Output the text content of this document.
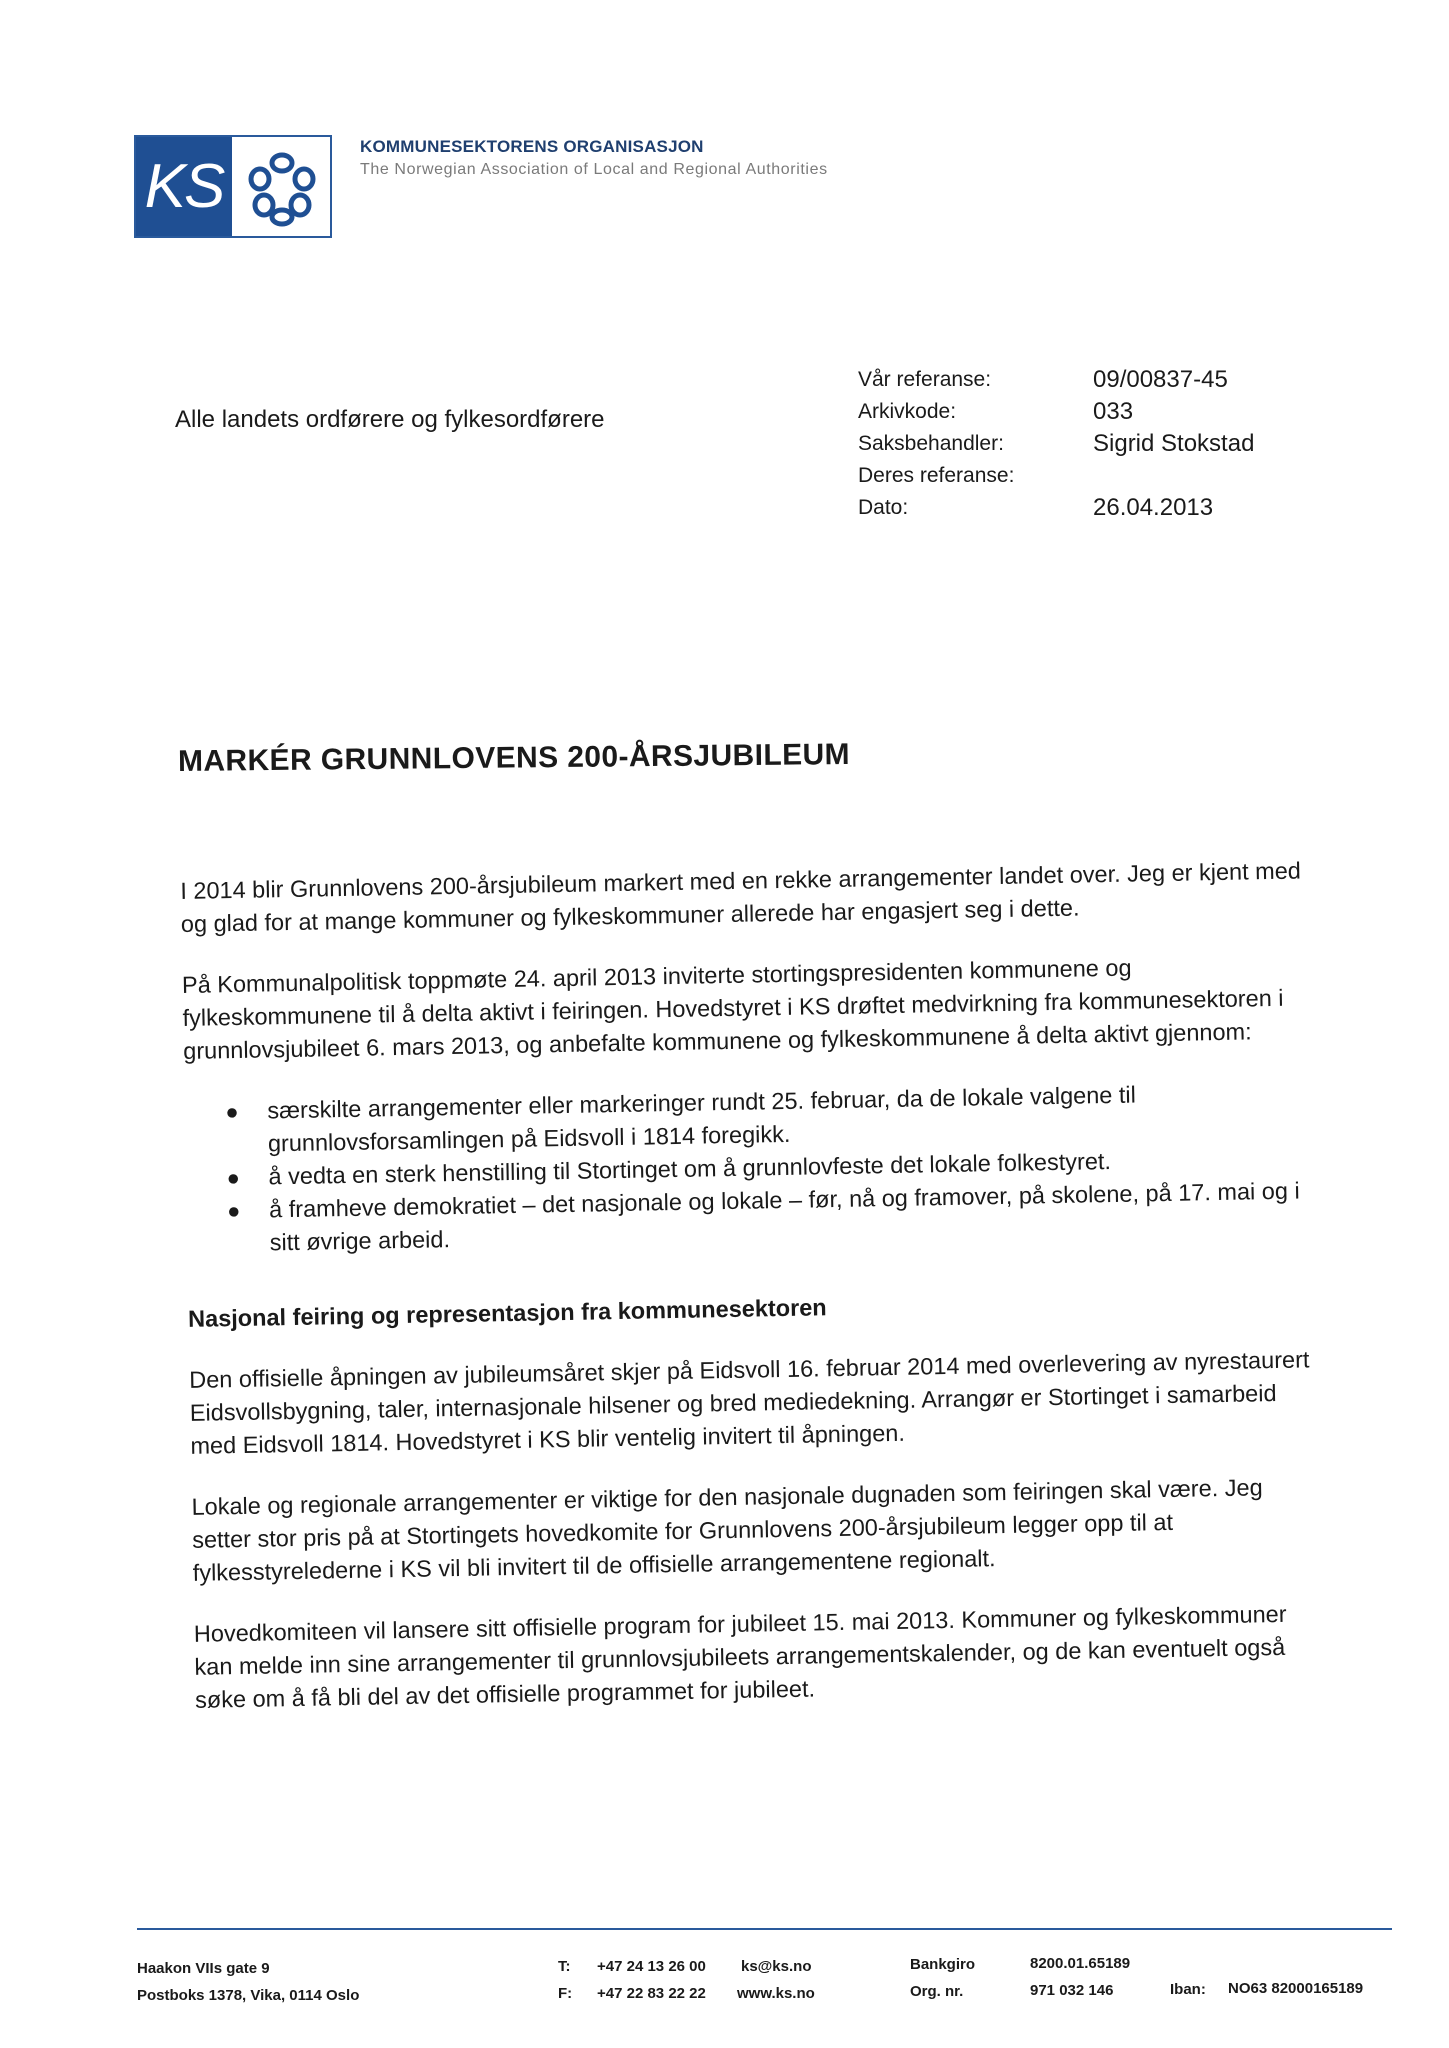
KS
KOMMUNESEKTORENS ORGANISASJON
The Norwegian Association of Local and Regional Authorities
Alle landets ordførere og fylkesordførere
Vår referanse:	09/00837-45
Arkivkode:	033
Saksbehandler:	Sigrid Stokstad
Deres referanse:
Dato:	26.04.2013
MARKÉR GRUNNLOVENS 200-ÅRSJUBILEUM

I 2014 blir Grunnlovens 200-årsjubileum markert med en rekke arrangementer landet over. Jeg er kjent med og glad for at mange kommuner og fylkeskommuner allerede har engasjert seg i dette.

På Kommunalpolitisk toppmøte 24. april 2013 inviterte stortingspresidenten kommunene og fylkeskommunene til å delta aktivt i feiringen. Hovedstyret i KS drøftet medvirkning fra kommunesektoren i grunnlovsjubileet 6. mars 2013, og anbefalte kommunene og fylkeskommunene å delta aktivt gjennom:

● særskilte arrangementer eller markeringer rundt 25. februar, da de lokale valgene til grunnlovsforsamlingen på Eidsvoll i 1814 foregikk.
● å vedta en sterk henstilling til Stortinget om å grunnlovfeste det lokale folkestyret.
● å framheve demokratiet – det nasjonale og lokale – før, nå og framover, på skolene, på 17. mai og i sitt øvrige arbeid.
Nasjonal feiring og representasjon fra kommunesektoren

Den offisielle åpningen av jubileumsåret skjer på Eidsvoll 16. februar 2014 med overlevering av nyrestaurert Eidsvollsbygning, taler, internasjonale hilsener og bred mediedekning. Arrangør er Stortinget i samarbeid med Eidsvoll 1814. Hovedstyret i KS blir ventelig invitert til åpningen.

Lokale og regionale arrangementer er viktige for den nasjonale dugnaden som feiringen skal være. Jeg setter stor pris på at Stortingets hovedkomite for Grunnlovens 200-årsjubileum legger opp til at fylkesstyrelederne i KS vil bli invitert til de offisielle arrangementene regionalt.

Hovedkomiteen vil lansere sitt offisielle program for jubileet 15. mai 2013. Kommuner og fylkeskommuner kan melde inn sine arrangementer til grunnlovsjubileets arrangementskalender, og de kan eventuelt også søke om å få bli del av det offisielle programmet for jubileet.

Haakon VIIs gate 9
Postboks 1378, Vika, 0114 Oslo
T: +47 24 13 26 00 ks@ks.no
F: +47 22 83 22 22 www.ks.no
Bankgiro	8200.01.65189
Org. nr.	971 032 146	Iban: NO63 82000165189
